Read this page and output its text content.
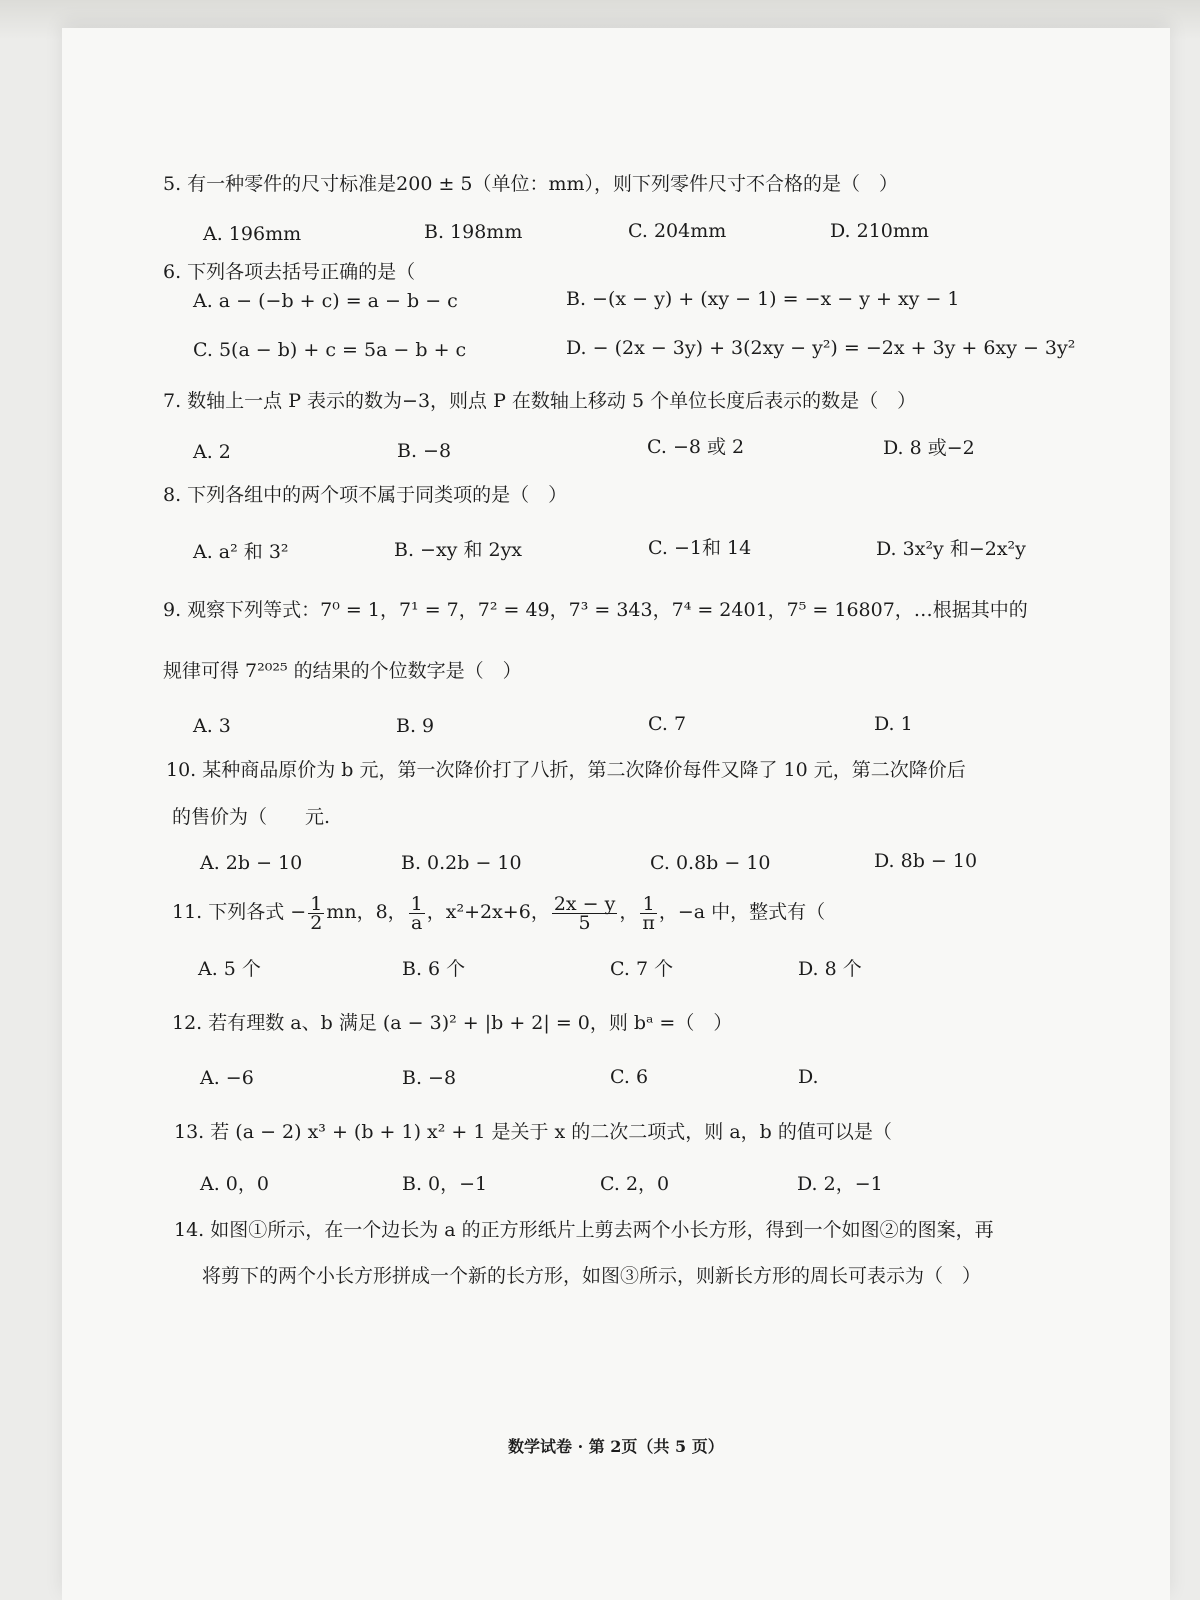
5. 有一种零件的尺寸标准是200 ± 5（单位：mm），则下列零件尺寸不合格的是（　）
A. 196mm	B. 198mm	C. 204mm	D. 210mm
6. 下列各项去括号正确的是（
A. a − (−b + c) = a − b − c	B. −(x − y) + (xy − 1) = −x − y + xy − 1
C. 5(a − b) + c = 5a − b + c	D. − (2x − 3y) + 3(2xy − y²) = −2x + 3y + 6xy − 3y²
7. 数轴上一点 P 表示的数为−3，则点 P 在数轴上移动 5 个单位长度后表示的数是（　）
A. 2	B. −8	C. −8 或 2	D. 8 或−2
8. 下列各组中的两个项不属于同类项的是（　）
A. a² 和 3²	B. −xy 和 2yx	C. −1和 14	D. 3x²y 和−2x²y
9. 观察下列等式：7⁰ = 1，7¹ = 7，7² = 49，7³ = 343，7⁴ = 2401，7⁵ = 16807，…根据其中的
规律可得 7²⁰²⁵ 的结果的个位数字是（　）
A. 3	B. 9	C. 7	D. 1
10. 某种商品原价为 b 元，第一次降价打了八折，第二次降价每件又降了 10 元，第二次降价后
的售价为（　　元.
A. 2b − 10	B. 0.2b − 10	C. 0.8b − 10	D. 8b − 10
11. 下列各式 − $\frac{1}{2}$ mn，8， $\frac{1}{a}$ ，x²+2x+6， $\frac{2x - y}{5}$ ， $\frac{1}{\pi}$ ，−a 中，整式有（
A. 5 个	B. 6 个	C. 7 个	D. 8 个
12. 若有理数 a、b 满足 (a − 3)² + |b + 2| = 0，则 bᵃ =（　）
A. −6	B. −8	C. 6	D.
13. 若 (a − 2) x³ + (b + 1) x² + 1 是关于 x 的二次二项式，则 a，b 的值可以是（
A. 0，0	B. 0，−1	C. 2，0	D. 2，−1
14. 如图①所示，在一个边长为 a 的正方形纸片上剪去两个小长方形，得到一个如图②的图案，再
将剪下的两个小长方形拼成一个新的长方形，如图③所示，则新长方形的周长可表示为（　）
数学试卷 · 第 2页（共 5 页）
